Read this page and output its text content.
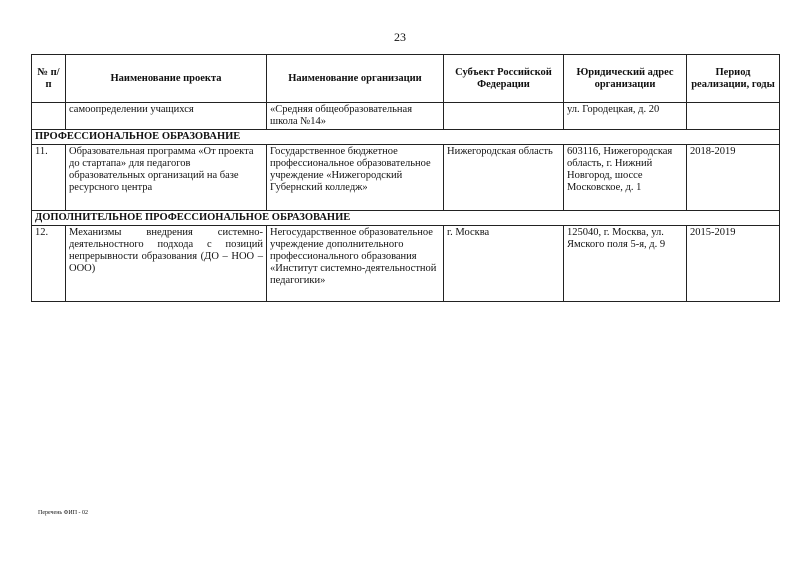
23
№ п/п	Наименование проекта	Наименование организации	Субъект Российской Федерации	Юридический адрес организации	Период реализации, годы
	самоопределении учащихся	«Средняя общеобразовательная школа №14»		ул. Городецкая, д. 20	
ПРОФЕССИОНАЛЬНОЕ ОБРАЗОВАНИЕ					
11.	Образовательная программа «От проекта до стартапа» для педагогов образовательных организаций на базе ресурсного центра	Государственное бюджетное профессиональное образовательное учреждение «Нижегородский Губернский колледж»	Нижегородская область	603116, Нижегородская область, г. Нижний Новгород, шоссе Московское, д. 1	2018-2019
ДОПОЛНИТЕЛЬНОЕ ПРОФЕССИОНАЛЬНОЕ ОБРАЗОВАНИЕ					
12.	Механизмы внедрения системно-деятельностного подхода с позиций непрерывности образования (ДО – НОО – ООО)	Негосударственное образовательное учреждение дополнительного профессионального образования «Институт системно-деятельностной педагогики»	г. Москва	125040, г. Москва, ул. Ямского поля 5-я, д. 9	2015-2019
Перечень ФИП - 02
